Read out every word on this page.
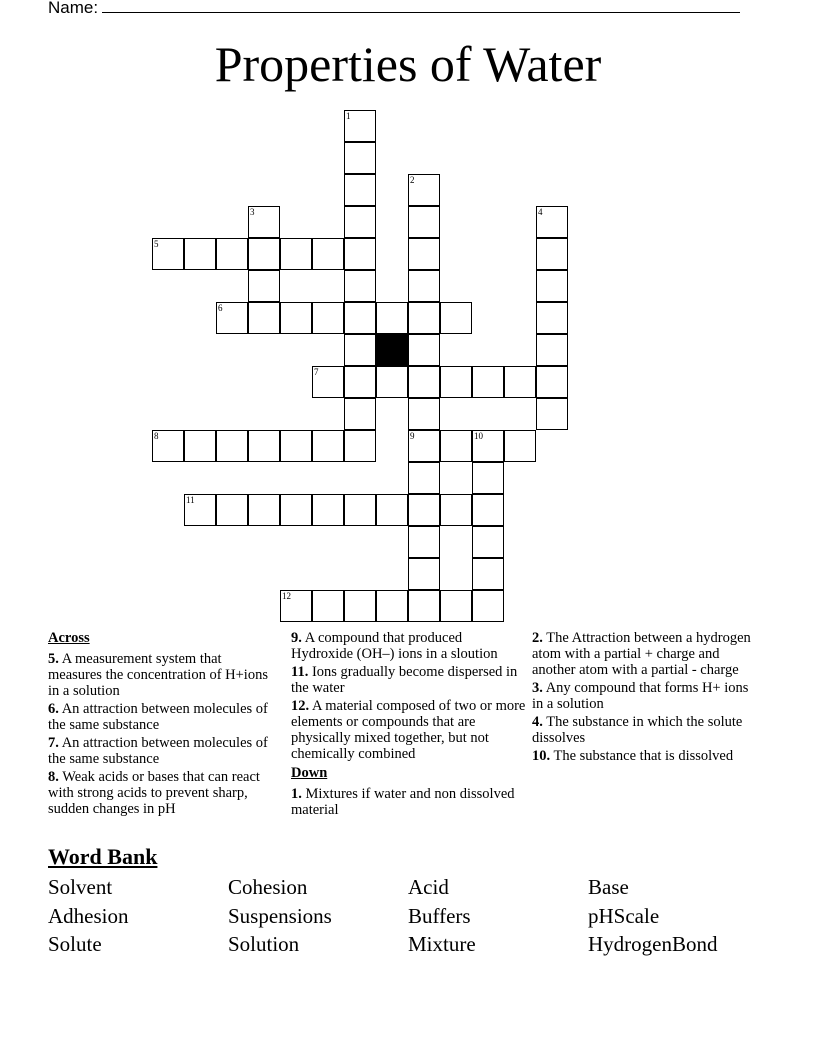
Name:
Properties of Water
1
2
3	4
5
6
7
8	9	10
11
12
Across
5. A measurement system that measures the concentration of H+ions in a solution
6. An attraction between molecules of the same substance
7. An attraction between molecules of the same substance
8. Weak acids or bases that can react with strong acids to prevent sharp, sudden changes in pH
9. A compound that produced Hydroxide (OH–) ions in a sloution
11. Ions gradually become dispersed in the water
12. A material composed of two or more elements or compounds that are physically mixed together, but not chemically combined
Down
1. Mixtures if water and non dissolved material
2. The Attraction between a hydrogen atom with a partial + charge and another atom with a partial - charge
3. Any compound that forms H+ ions in a solution
4. The substance in which the solute dissolves
10. The substance that is dissolved
Word Bank
Solvent	Cohesion	Acid	Base
Adhesion	Suspensions	Buffers	pHScale
Solute	Solution	Mixture	HydrogenBond
